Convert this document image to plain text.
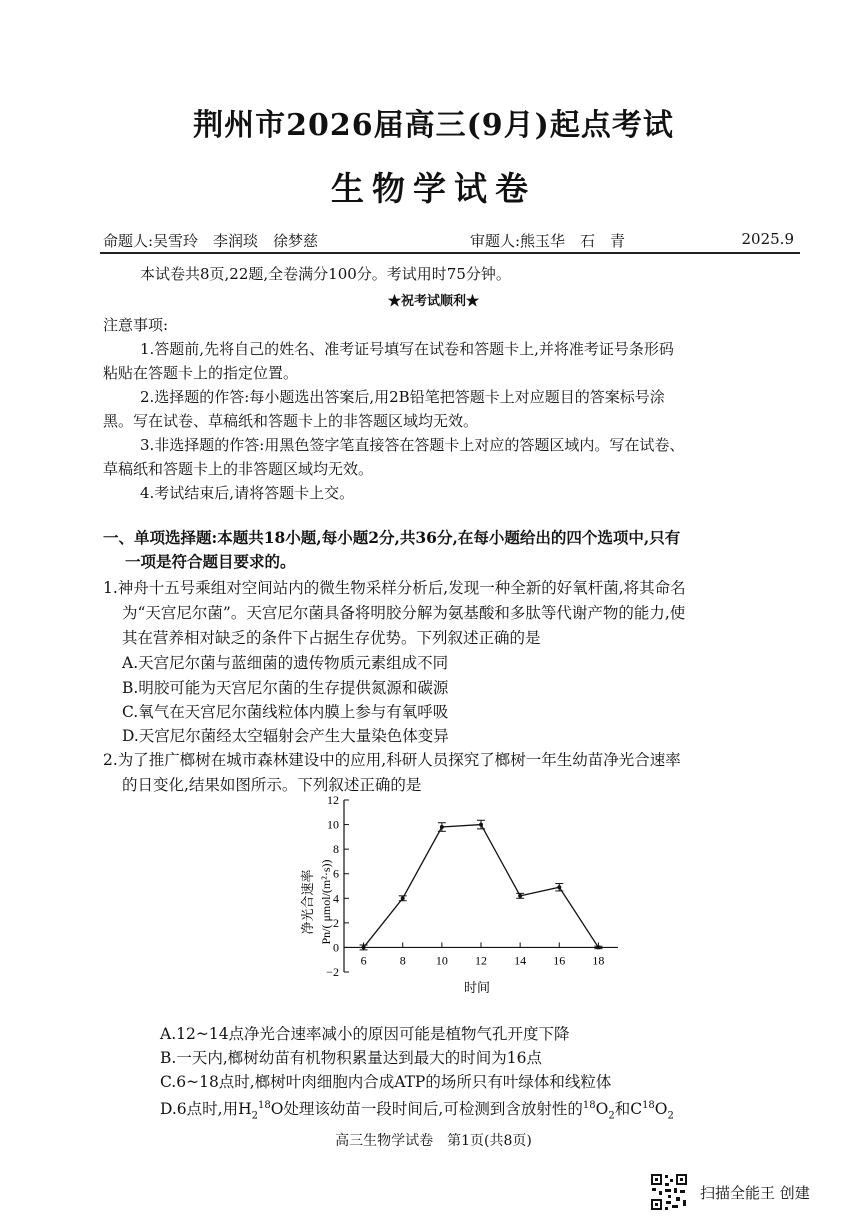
荆州市2026届高三(9月)起点考试
生物学试卷
命题人:吴雪玲　李润琰　徐梦慈	审题人:熊玉华　石　青	2025.9
本试卷共8页,22题,全卷满分100分。考试用时75分钟。
★祝考试顺利★
注意事项:
1.答题前,先将自己的姓名、准考证号填写在试卷和答题卡上,并将准考证号条形码
粘贴在答题卡上的指定位置。
2.选择题的作答:每小题选出答案后,用2B铅笔把答题卡上对应题目的答案标号涂
黑。写在试卷、草稿纸和答题卡上的非答题区域均无效。
3.非选择题的作答:用黑色签字笔直接答在答题卡上对应的答题区域内。写在试卷、
草稿纸和答题卡上的非答题区域均无效。
4.考试结束后,请将答题卡上交。
一、单项选择题:本题共18小题,每小题2分,共36分,在每小题给出的四个选项中,只有
一项是符合题目要求的。
1.神舟十五号乘组对空间站内的微生物采样分析后,发现一种全新的好氧杆菌,将其命名
为“天宫尼尔菌”。天宫尼尔菌具备将明胶分解为氨基酸和多肽等代谢产物的能力,使
其在营养相对缺乏的条件下占据生存优势。下列叙述正确的是
A.天宫尼尔菌与蓝细菌的遗传物质元素组成不同
B.明胶可能为天宫尼尔菌的生存提供氮源和碳源
C.氧气在天宫尼尔菌线粒体内膜上参与有氧呼吸
D.天宫尼尔菌经太空辐射会产生大量染色体变异
2.为了推广榔树在城市森林建设中的应用,科研人员探究了榔树一年生幼苗净光合速率
的日变化,结果如图所示。下列叙述正确的是
12
10
8
6
4
2
0
−2
6	8	10 12 14 16 18
净光合速率 Pn/( μmol/(m²·s))
时间
A.12~14点净光合速率减小的原因可能是植物气孔开度下降
B.一天内,榔树幼苗有机物积累量达到最大的时间为16点
C.6~18点时,榔树叶肉细胞内合成ATP的场所只有叶绿体和线粒体
D.6点时,用$H_2^{18}O$处理该幼苗一段时间后,可检测到含放射性的$^{18}O_2$和$C^{18}O_2$
高三生物学试卷　第1页(共8页)
扫描全能王 创建
